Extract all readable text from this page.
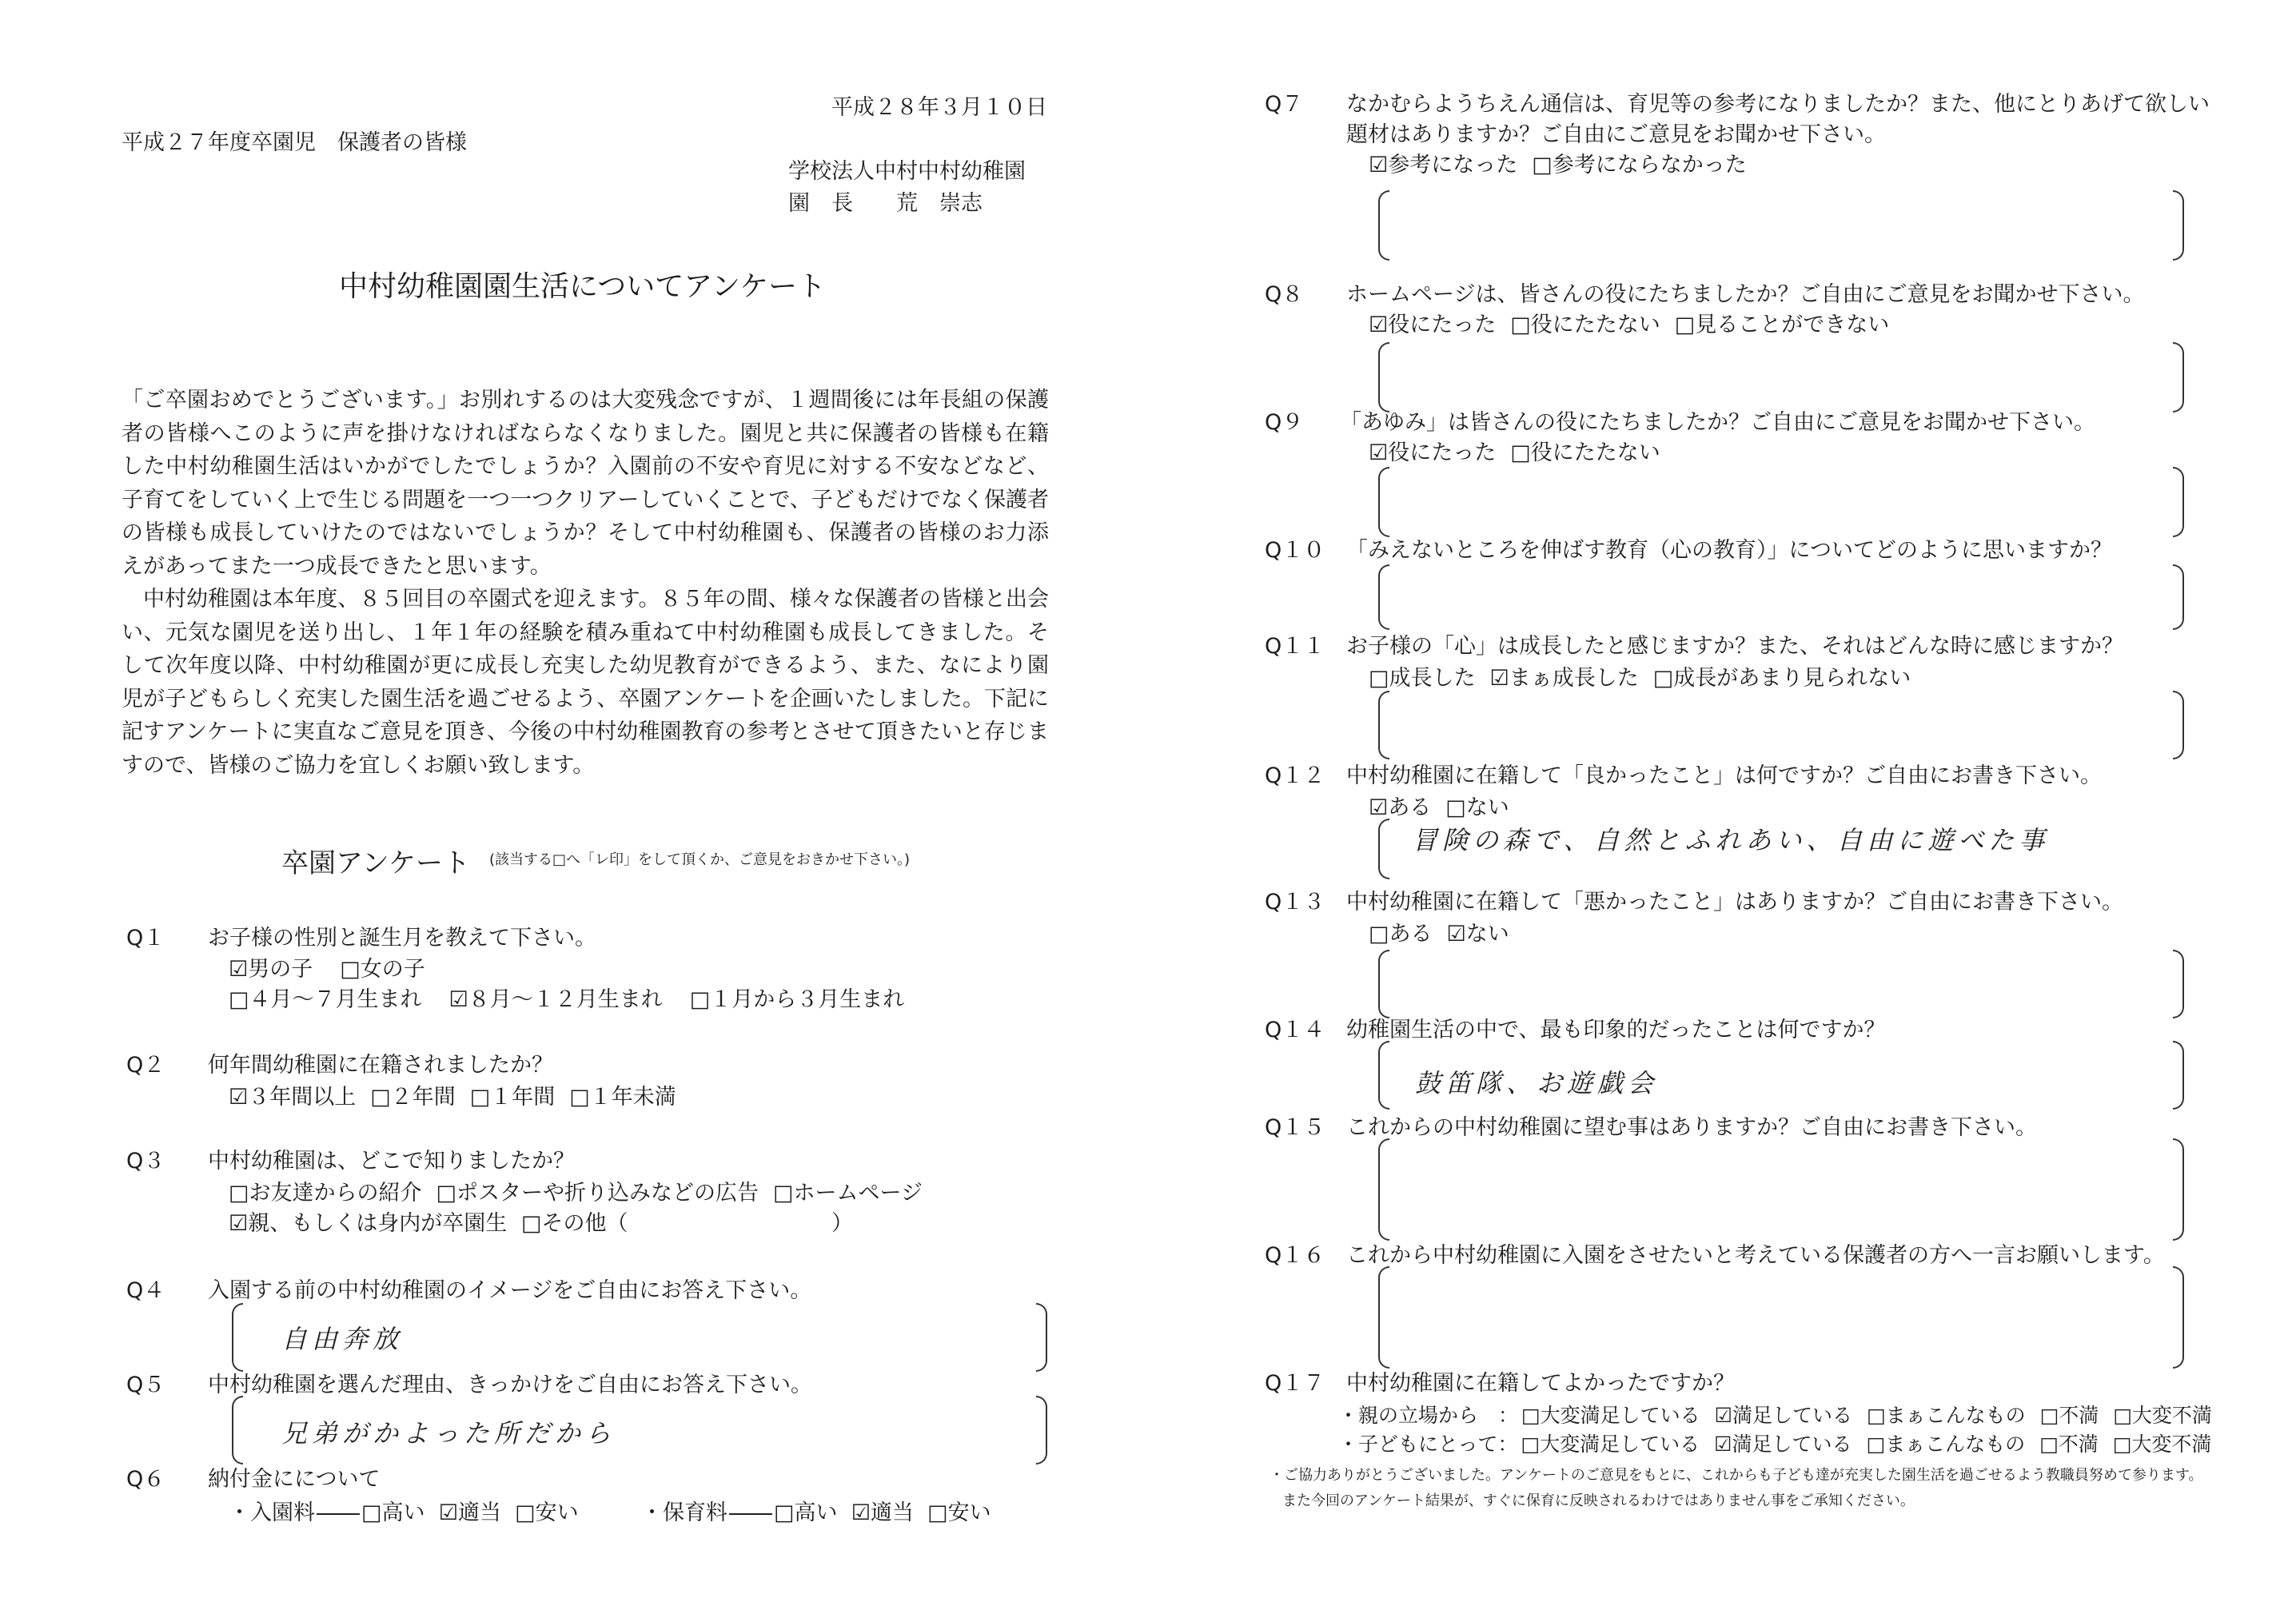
平成２８年３月１０日
平成２７年度卒園児　保護者の皆様
学校法人中村中村幼稚園
園　長　　荒　崇志
中村幼稚園園生活についてアンケート

「ご卒園おめでとうございます。」お別れするのは大変残念ですが、１週間後には年長組の保護者の皆様へこのように声を掛けなければならなくなりました。園児と共に保護者の皆様も在籍した中村幼稚園生活はいかがでしたでしょうか？入園前の不安や育児に対する不安などなど、子育てをしていく上で生じる問題を一つ一つクリアーしていくことで、子どもだけでなく保護者の皆様も成長していけたのではないでしょうか？そして中村幼稚園も、保護者の皆様のお力添えがあってまた一つ成長できたと思います。

中村幼稚園は本年度、８５回目の卒園式を迎えます。８５年の間、様々な保護者の皆様と出会い、元気な園児を送り出し、１年１年の経験を積み重ねて中村幼稚園も成長してきました。そして次年度以降、中村幼稚園が更に成長し充実した幼児教育ができるよう、また、なにより園児が子どもらしく充実した園生活を過ごせるよう、卒園アンケートを企画いたしました。下記に記すアンケートに実直なご意見を頂き、今後の中村幼稚園教育の参考とさせて頂きたいと存じますので、皆様のご協力を宜しくお願い致します。

卒園アンケート (該当する□へ「レ印」をして頂くか、ご意見をおきかせ下さい。)
Q１ お子様の性別と誕生月を教えて下さい。
☑男の子 □女の子
□４月～７月生まれ ☑８月～１２月生まれ □１月から３月生まれ
Q２ 何年間幼稚園に在籍されましたか？
☑３年間以上 □２年間 □１年間 □１年未満
Q３ 中村幼稚園は、どこで知りましたか？
□お友達からの紹介 □ポスターや折り込みなどの広告 □ホームページ
☑親、もしくは身内が卒園生 □その他（	）
Q４ 入園する前の中村幼稚園のイメージをご自由にお答え下さい。
自由奔放
Q５ 中村幼稚園を選んだ理由、きっかけをご自由にお答え下さい。
兄弟がかよった所だから
Q６ 納付金にについて
・入園料 □高い ☑適当 □安い	・保育料 □高い ☑適当 □安い
Q７ なかむらようちえん通信は、育児等の参考になりましたか？また、他にとりあげて欲しい
題材はありますか？ご自由にご意見をお聞かせ下さい。
☑参考になった □参考にならなかった
Q８ ホームページは、皆さんの役にたちましたか？ご自由にご意見をお聞かせ下さい。
☑役にたった □役にたたない □見ることができない
Q９ 「あゆみ」は皆さんの役にたちましたか？ご自由にご意見をお聞かせ下さい。
☑役にたった □役にたたない
Q１０ 「みえないところを伸ばす教育（心の教育）」についてどのように思いますか？
Q１１ お子様の「心」は成長したと感じますか？また、それはどんな時に感じますか？
□成長した ☑まぁ成長した □成長があまり見られない
Q１２ 中村幼稚園に在籍して「良かったこと」は何ですか？ご自由にお書き下さい。
☑ある □ない
冒険の森で、自然とふれあい、自由に遊べた事
Q１３ 中村幼稚園に在籍して「悪かったこと」はありますか？ご自由にお書き下さい。
□ある ☑ない
Q１４ 幼稚園生活の中で、最も印象的だったことは何ですか？
鼓笛隊、お遊戯会
Q１５ これからの中村幼稚園に望む事はありますか？ご自由にお書き下さい。
Q１６ これから中村幼稚園に入園をさせたいと考えている保護者の方へ一言お願いします。
Q１７ 中村幼稚園に在籍してよかったですか？
・親の立場から　： □大変満足している ☑満足している □まぁこんなもの □不満 □大変不満
・子どもにとって： □大変満足している ☑満足している □まぁこんなもの □不満 □大変不満
・ご協力ありがとうございました。アンケートのご意見をもとに、これからも子ども達が充実した園生活を過ごせるよう教職員努めて参ります。
また今回のアンケート結果が、すぐに保育に反映されるわけではありません事をご承知ください。
